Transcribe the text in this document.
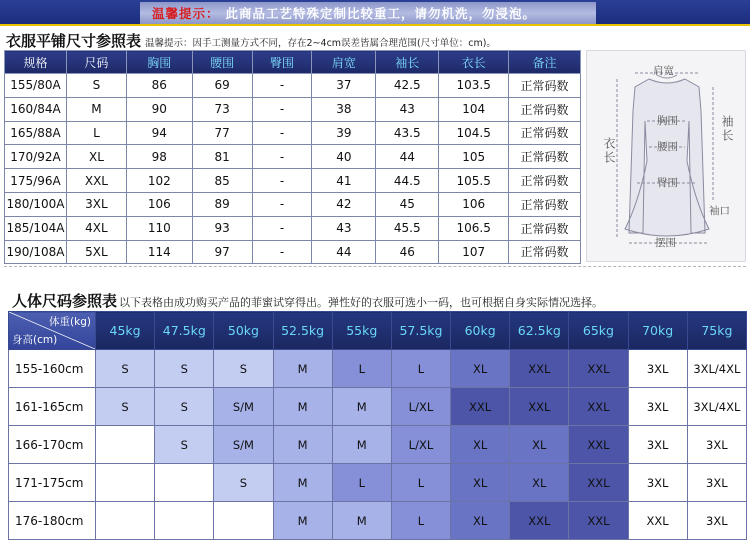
温馨提示： 此商品工艺特殊定制比较重工，请勿机洗，勿浸泡。
衣服平铺尺寸参照表 温馨提示：因手工测量方式不同，存在2~4cm误差皆属合理范围(尺寸单位：cm)。
规格	尺码	胸围	腰围	臀围	肩宽	袖长	衣长	备注
155/80A	S	86	69	-	37	42.5	103.5	正常码数
160/84A	M	90	73	-	38	43	104	正常码数
165/88A	L	94	77	-	39	43.5	104.5	正常码数
170/92A	XL	98	81	-	40	44	105	正常码数
175/96A	XXL	102	85	-	41	44.5	105.5	正常码数
180/100A	3XL	106	89	-	42	45	106	正常码数
185/104A	4XL	110	93	-	43	45.5	106.5	正常码数
190/108A	5XL	114	97	-	44	46	107	正常码数
肩宽
胸围
腰围
臀围
衣长
袖长
袖口
摆围
人体尺码参照表 以下表格由成功购买产品的菲蜜试穿得出。弹性好的衣服可选小一码，也可根据自身实际情况选择。
体重(kg)
身高(cm)	45kg	47.5kg	50kg	52.5kg	55kg	57.5kg	60kg	62.5kg	65kg	70kg	75kg
155-160cm	S	S	S	M	L	L	XL	XXL	XXL	3XL	3XL/4XL
161-165cm	S	S	S/M	M	M	L/XL	XXL	XXL	XXL	3XL	3XL/4XL
166-170cm		S	S/M	M	M	L/XL	XL	XL	XXL	3XL	3XL
171-175cm			S	M	L	L	XL	XL	XXL	3XL	3XL
176-180cm				M	M	L	XL	XXL	XXL	XXL	3XL
